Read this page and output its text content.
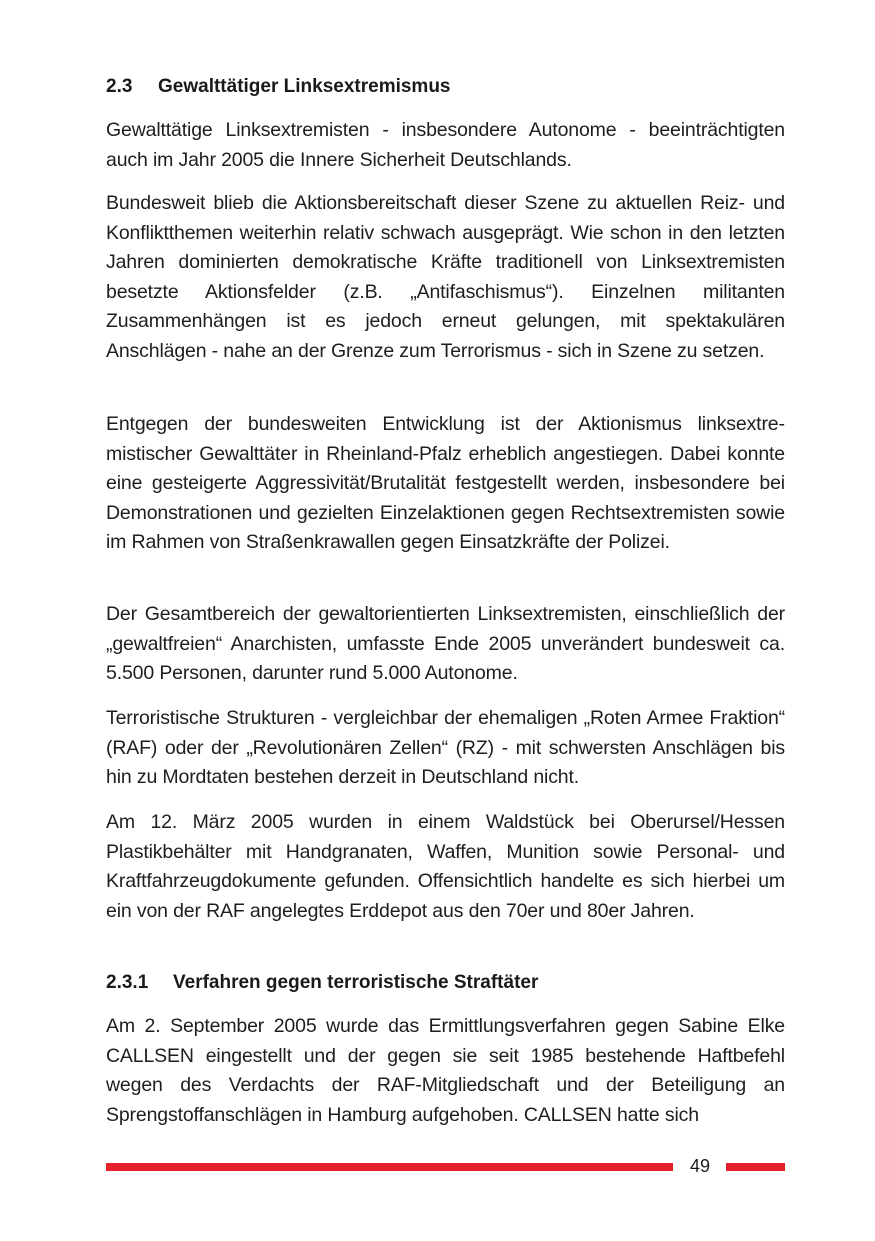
2.3 Gewalttätiger Linksextremismus

Gewalttätige Linksextremisten - insbesondere Autonome - beeinträchtigten auch im Jahr 2005 die Innere Sicherheit Deutschlands.

Bundesweit blieb die Aktionsbereitschaft dieser Szene zu aktuellen Reiz- und Konfliktthemen weiterhin relativ schwach ausgeprägt. Wie schon in den letzten Jahren dominierten demokratische Kräfte traditionell von Linksextremisten besetzte Aktionsfelder (z.B. „Antifaschismus“). Einzelnen militanten Zusammenhängen ist es jedoch erneut gelungen, mit spektakulären Anschlägen - nahe an der Grenze zum Terrorismus - sich in Szene zu setzen.

Entgegen der bundesweiten Entwicklung ist der Aktionismus linksextremistischer Gewalttäter in Rheinland-Pfalz erheblich angestiegen. Dabei konnte eine gesteigerte Aggressivität/Brutalität festgestellt werden, insbesondere bei Demonstrationen und gezielten Einzelaktionen gegen Rechtsextremisten sowie im Rahmen von Straßenkrawallen gegen Einsatzkräfte der Polizei.

Der Gesamtbereich der gewaltorientierten Linksextremisten, einschließlich der „gewaltfreien“ Anarchisten, umfasste Ende 2005 unverändert bundesweit ca. 5.500 Personen, darunter rund 5.000 Autonome.

Terroristische Strukturen - vergleichbar der ehemaligen „Roten Armee Fraktion“ (RAF) oder der „Revolutionären Zellen“ (RZ) - mit schwersten Anschlägen bis hin zu Mordtaten bestehen derzeit in Deutschland nicht.

Am 12. März 2005 wurden in einem Waldstück bei Oberursel/Hessen Plastikbehälter mit Handgranaten, Waffen, Munition sowie Personal- und Kraftfahrzeugdokumente gefunden. Offensichtlich handelte es sich hierbei um ein von der RAF angelegtes Erddepot aus den 70er und 80er Jahren.

2.3.1 Verfahren gegen terroristische Straftäter

Am 2. September 2005 wurde das Ermittlungsverfahren gegen Sabine Elke CALLSEN eingestellt und der gegen sie seit 1985 bestehende Haftbefehl wegen des Verdachts der RAF-Mitgliedschaft und der Beteiligung an Sprengstoffanschlägen in Hamburg aufgehoben. CALLSEN hatte sich

49
